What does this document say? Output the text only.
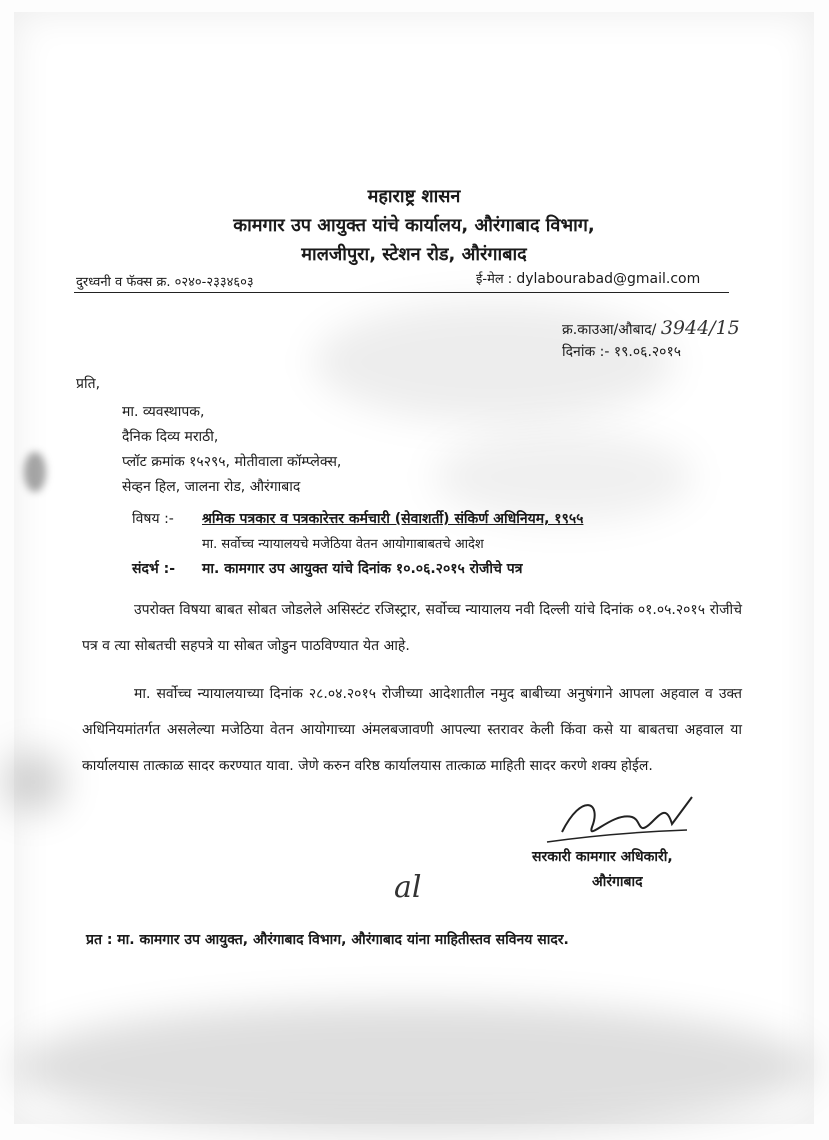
महाराष्ट्र शासन
कामगार उप आयुक्त यांचे कार्यालय, औरंगाबाद विभाग,
मालजीपुरा, स्टेशन रोड, औरंगाबाद
दुरध्वनी व फॅक्स क्र. ०२४०-२३३४६०३	ई-मेल : dylabourabad@gmail.com
क्र.काउआ/औबाद/ 3944/15
दिनांक :- १९.०६.२०१५
प्रति,
मा. व्यवस्थापक,
दैनिक दिव्य मराठी,
प्लॉट क्रमांक १५२९५, मोतीवाला कॉम्प्लेक्स,
सेव्हन हिल, जालना रोड, औरंगाबाद
विषय :- श्रमिक पत्रकार व पत्रकारेत्तर कर्मचारी (सेवाशर्ती) संकिर्ण अधिनियम, १९५५
मा. सर्वोच्च न्यायालयचे मजेठिया वेतन आयोगाबाबतचे आदेश
संदर्भ :- मा. कामगार उप आयुक्त यांचे दिनांक १०.०६.२०१५ रोजीचे पत्र
उपरोक्त विषया बाबत सोबत जोडलेले असिस्टंट रजिस्ट्रार, सर्वोच्च न्यायालय नवी दिल्ली यांचे दिनांक ०१.०५.२०१५ रोजीचे पत्र व त्या सोबतची सहपत्रे या सोबत जोडुन पाठविण्यात येत आहे.
मा. सर्वोच्च न्यायालयाच्या दिनांक २८.०४.२०१५ रोजीच्या आदेशातील नमुद बाबीच्या अनुषंगाने आपला अहवाल व उक्त अधिनियमांतर्गत असलेल्या मजेठिया वेतन आयोगाच्या अंमलबजावणी आपल्या स्तरावर केली किंवा कसे या बाबतचा अहवाल या कार्यालयास तात्काळ सादर करण्यात यावा. जेणे करुन वरिष्ठ कार्यालयास तात्काळ माहिती सादर करणे शक्य होईल.
सरकारी कामगार अधिकारी,
औरंगाबाद
al
प्रत : मा. कामगार उप आयुक्त, औरंगाबाद विभाग, औरंगाबाद यांना माहितीस्तव सविनय सादर.
